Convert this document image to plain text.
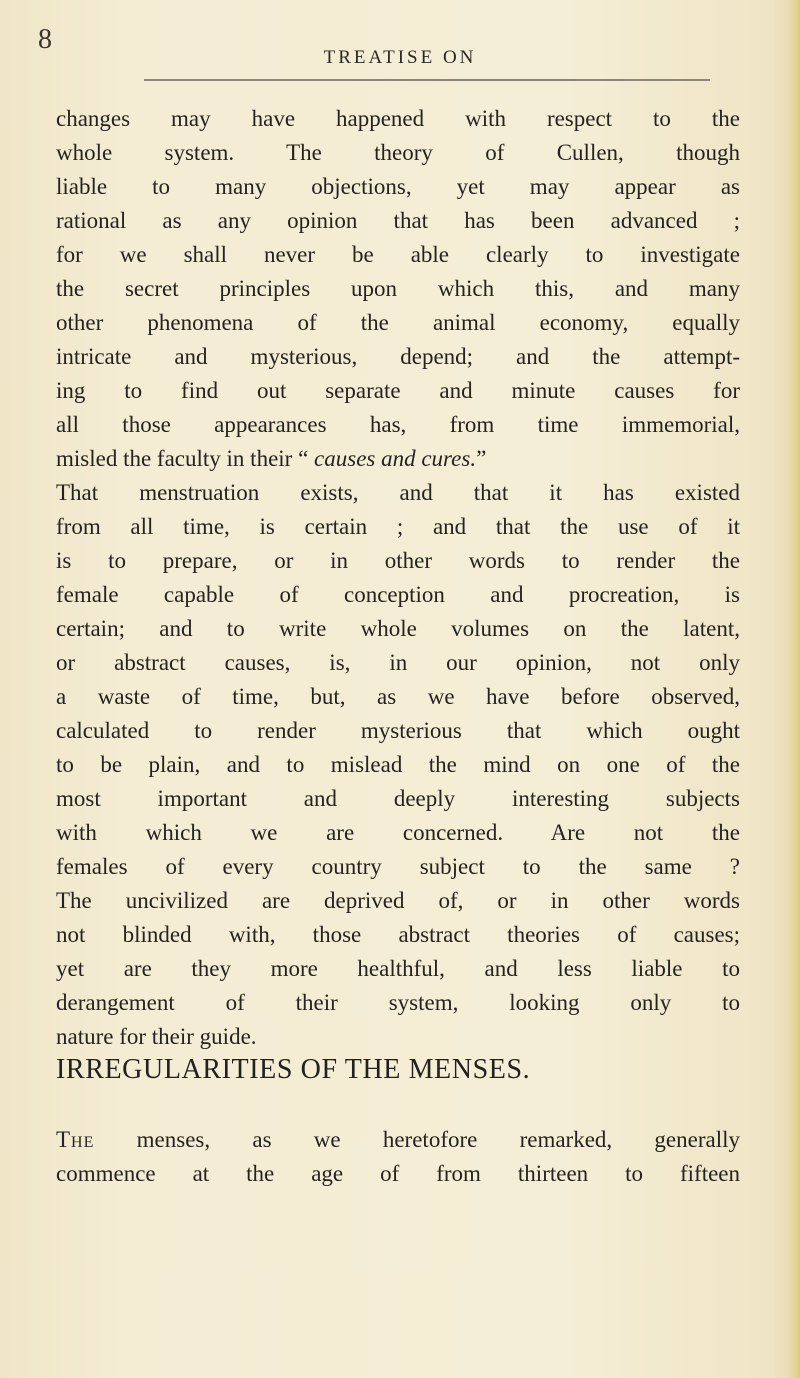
8
TREATISE ON
changes may have happened with respect to the
whole system. The theory of Cullen, though
liable to many objections, yet may appear as
rational as any opinion that has been advanced ;
for we shall never be able clearly to investigate
the secret principles upon which this, and many
other phenomena of the animal economy, equally
intricate and mysterious, depend; and the attempt-
ing to find out separate and minute causes for
all those appearances has, from time immemorial,
misled the faculty in their “ causes and cures.”
That menstruation exists, and that it has existed
from all time, is certain ; and that the use of it
is to prepare, or in other words to render the
female capable of conception and procreation, is
certain; and to write whole volumes on the latent,
or abstract causes, is, in our opinion, not only
a waste of time, but, as we have before observed,
calculated to render mysterious that which ought
to be plain, and to mislead the mind on one of the
most important and deeply interesting subjects
with which we are concerned. Are not the
females of every country subject to the same ?
The uncivilized are deprived of, or in other words
not blinded with, those abstract theories of causes;
yet are they more healthful, and less liable to
derangement of their system, looking only to
nature for their guide.
IRREGULARITIES OF THE MENSES.
The menses, as we heretofore remarked, generally
commence at the age of from thirteen to fifteen
